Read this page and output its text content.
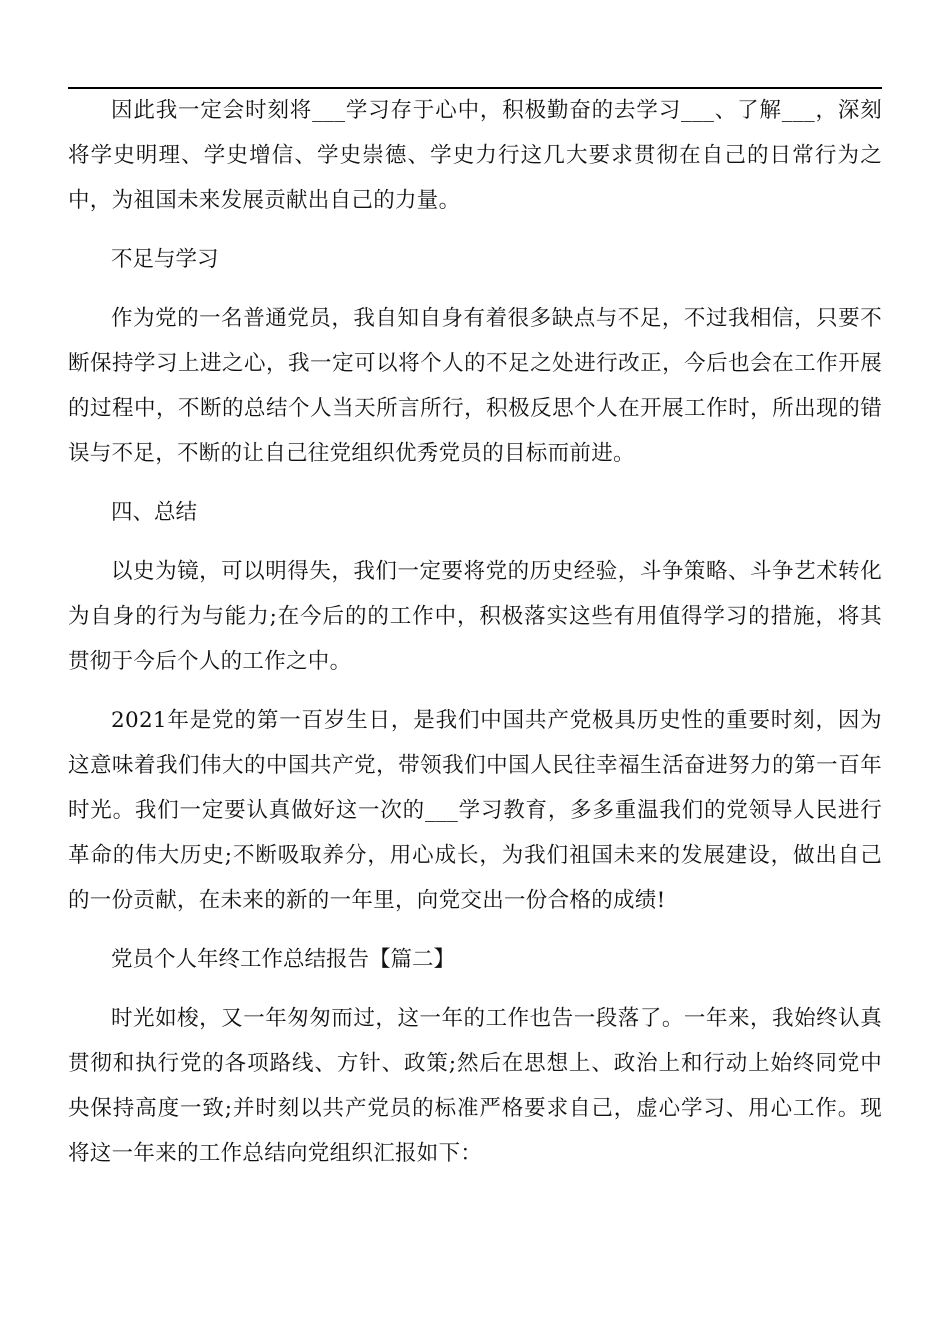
因此我一定会时刻将___学习存于心中，积极勤奋的去学习___、了解___，深刻将学史明理、学史增信、学史崇德、学史力行这几大要求贯彻在自己的日常行为之中，为祖国未来发展贡献出自己的力量。

不足与学习

作为党的一名普通党员，我自知自身有着很多缺点与不足，不过我相信，只要不断保持学习上进之心，我一定可以将个人的不足之处进行改正，今后也会在工作开展的过程中，不断的总结个人当天所言所行，积极反思个人在开展工作时，所出现的错误与不足，不断的让自己往党组织优秀党员的目标而前进。

四、总结

以史为镜，可以明得失，我们一定要将党的历史经验，斗争策略、斗争艺术转化为自身的行为与能力;在今后的的工作中，积极落实这些有用值得学习的措施，将其贯彻于今后个人的工作之中。

2021年是党的第一百岁生日，是我们中国共产党极具历史性的重要时刻，因为这意味着我们伟大的中国共产党，带领我们中国人民往幸福生活奋进努力的第一百年时光。我们一定要认真做好这一次的___学习教育，多多重温我们的党领导人民进行革命的伟大历史;不断吸取养分，用心成长，为我们祖国未来的发展建设，做出自己的一份贡献，在未来的新的一年里，向党交出一份合格的成绩!

党员个人年终工作总结报告【篇二】

时光如梭，又一年匆匆而过，这一年的工作也告一段落了。一年来，我始终认真贯彻和执行党的各项路线、方针、政策;然后在思想上、政治上和行动上始终同党中央保持高度一致;并时刻以共产党员的标准严格要求自己，虚心学习、用心工作。现将这一年来的工作总结向党组织汇报如下：
